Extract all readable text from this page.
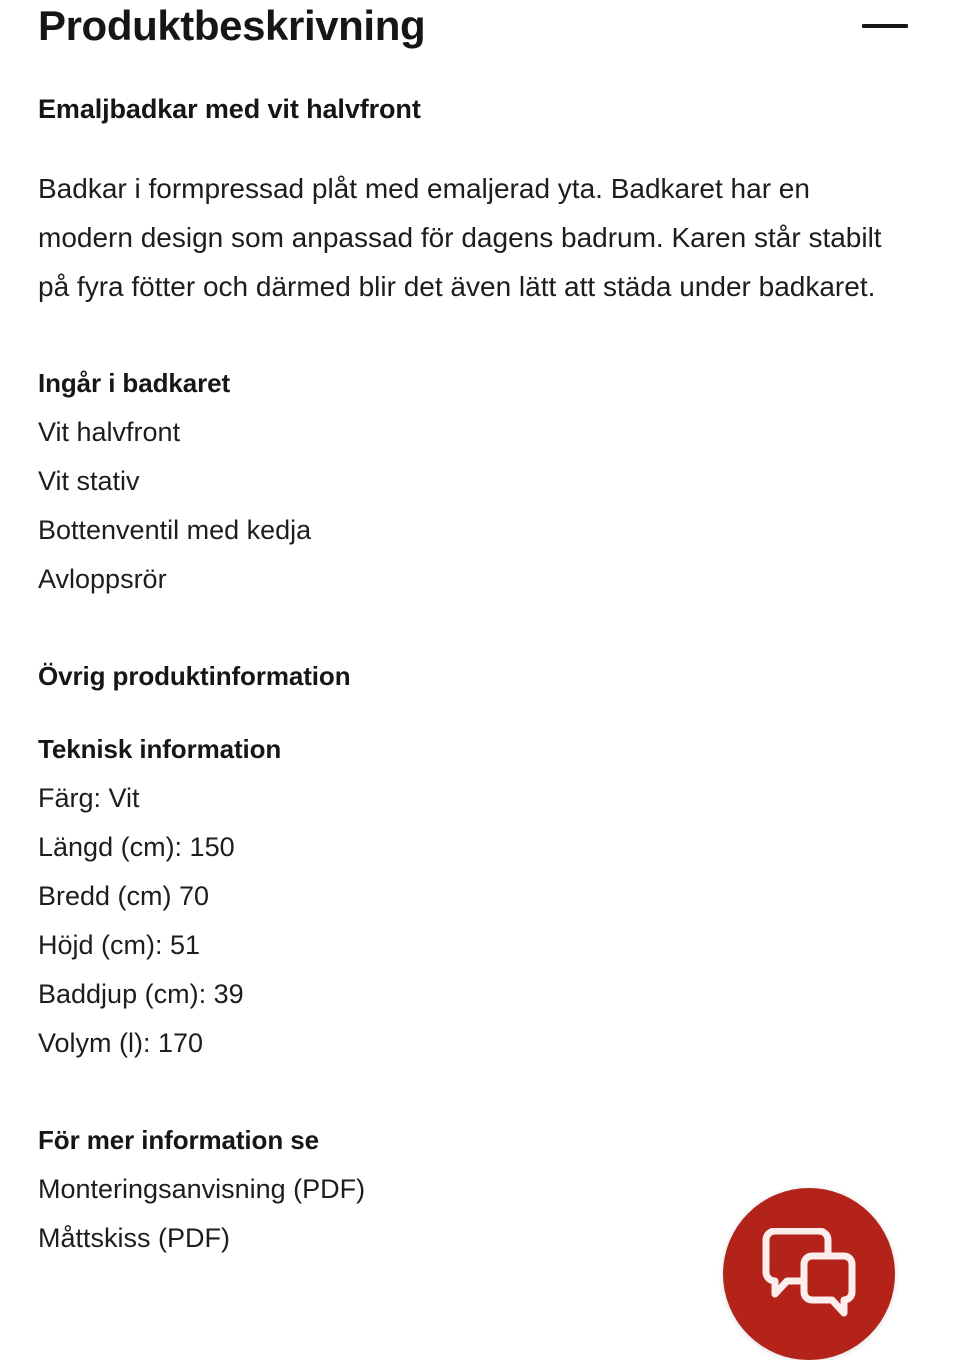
Produktbeskrivning
Emaljbadkar med vit halvfront

Badkar i formpressad plåt med emaljerad yta. Badkaret har en modern design som anpassad för dagens badrum. Karen står stabilt på fyra fötter och därmed blir det även lätt att städa under badkaret.

Ingår i badkaret

Vit halvfront

Vit stativ

Bottenventil med kedja

Avloppsrör

Övrig produktinformation
Teknisk information

Färg: Vit

Längd (cm): 150

Bredd (cm) 70

Höjd (cm): 51

Baddjup (cm): 39

Volym (l): 170

För mer information se

Monteringsanvisning (PDF)

Måttskiss (PDF)
